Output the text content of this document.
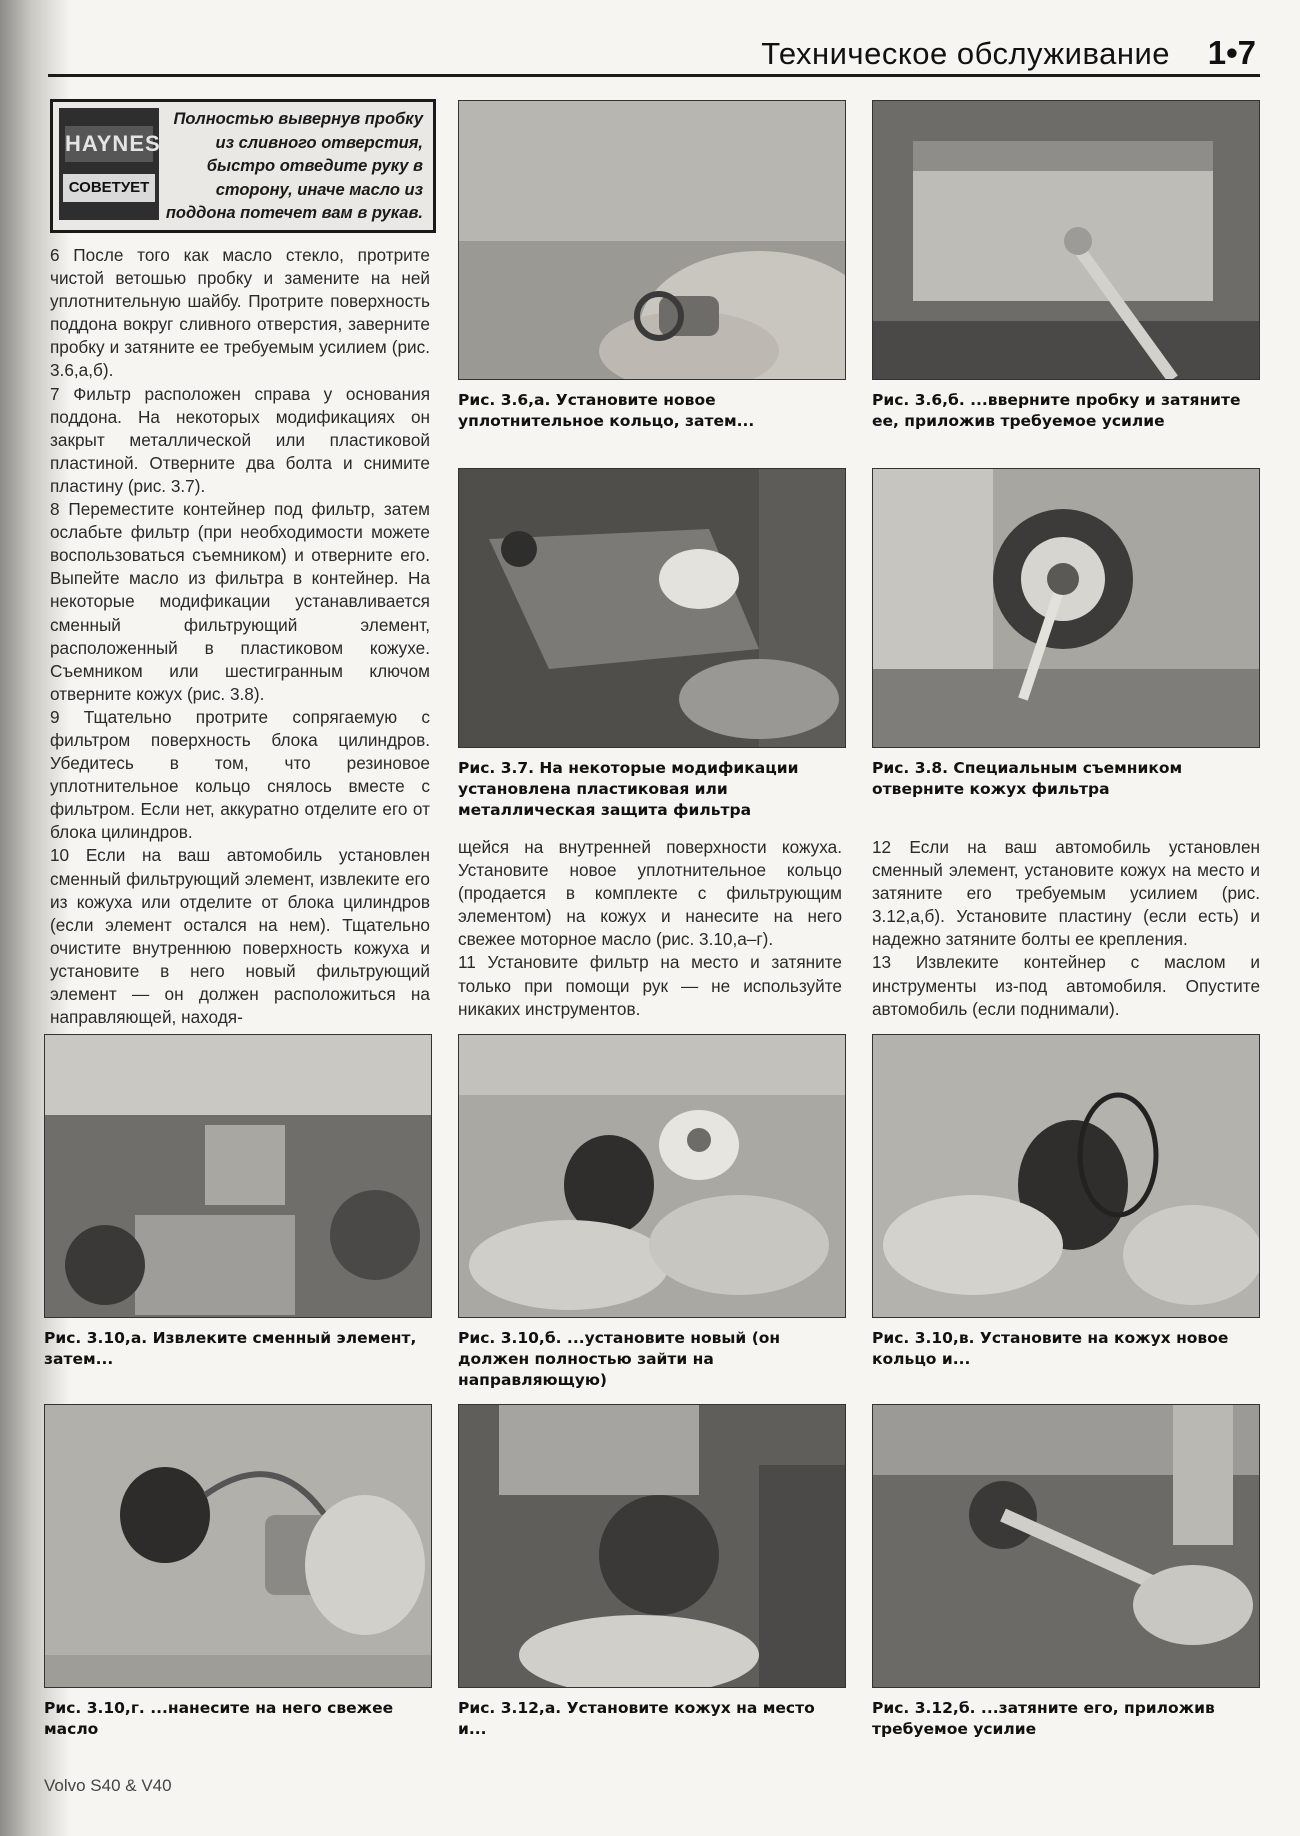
Техническое обслуживание 1•7
HAYNES
СОВЕТУЕТ
Полностью вывернув пробку из сливного отверстия, быстро отведите руку в сторону, иначе масло из поддона потечет вам в рукав.

6 После того как масло стекло, протрите чистой ветошью пробку и замените на ней уплотнительную шайбу. Протрите поверхность поддона вокруг сливного отверстия, заверните пробку и затяните ее требуемым усилием (рис. 3.6,а,б).

7 Фильтр расположен справа у основания поддона. На некоторых модификациях он закрыт металлической или пластиковой пластиной. Отверните два болта и снимите пластину (рис. 3.7).

8 Переместите контейнер под фильтр, затем ослабьте фильтр (при необходимости можете воспользоваться съемником) и отверните его. Выпейте масло из фильтра в контейнер. На некоторые модификации устанавливается сменный фильтрующий элемент, расположенный в пластиковом кожухе. Съемником или шестигранным ключом отверните кожух (рис. 3.8).

9 Тщательно протрите сопрягаемую с фильтром поверхность блока цилиндров. Убедитесь в том, что резиновое уплотнительное кольцо снялось вместе с фильтром. Если нет, аккуратно отделите его от блока цилиндров.

10 Если на ваш автомобиль установлен сменный фильтрующий элемент, извлеките его из кожуха или отделите от блока цилиндров (если элемент остался на нем). Тщательно очистите внутреннюю поверхность кожуха и установите в него новый фильтрующий элемент — он должен расположиться на направляющей, находя-

щейся на внутренней поверхности кожуха. Установите новое уплотнительное кольцо (продается в комплекте с фильтрующим элементом) на кожух и нанесите на него свежее моторное масло (рис. 3.10,а–г).

11 Установите фильтр на место и затяните только при помощи рук — не используйте никаких инструментов.

12 Если на ваш автомобиль установлен сменный элемент, установите кожух на место и затяните его требуемым усилием (рис. 3.12,а,б). Установите пластину (если есть) и надежно затяните болты ее крепления.

13 Извлеките контейнер с маслом и инструменты из-под автомобиля. Опустите автомобиль (если поднимали).

Рис. 3.6,а. Установите новое уплотнительное кольцо, затем...
Рис. 3.6,б. ...вверните пробку и затяните ее, приложив требуемое усилие
Рис. 3.7. На некоторые модификации установлена пластиковая или металлическая защита фильтра
Рис. 3.8. Специальным съемником отверните кожух фильтра
Рис. 3.10,а. Извлеките сменный элемент, затем...
Рис. 3.10,б. ...установите новый (он должен полностью зайти на направляющую)
Рис. 3.10,в. Установите на кожух новое кольцо и...
Рис. 3.10,г. ...нанесите на него свежее масло
Рис. 3.12,а. Установите кожух на место и...
Рис. 3.12,б. ...затяните его, приложив требуемое усилие
Volvo S40 & V40
